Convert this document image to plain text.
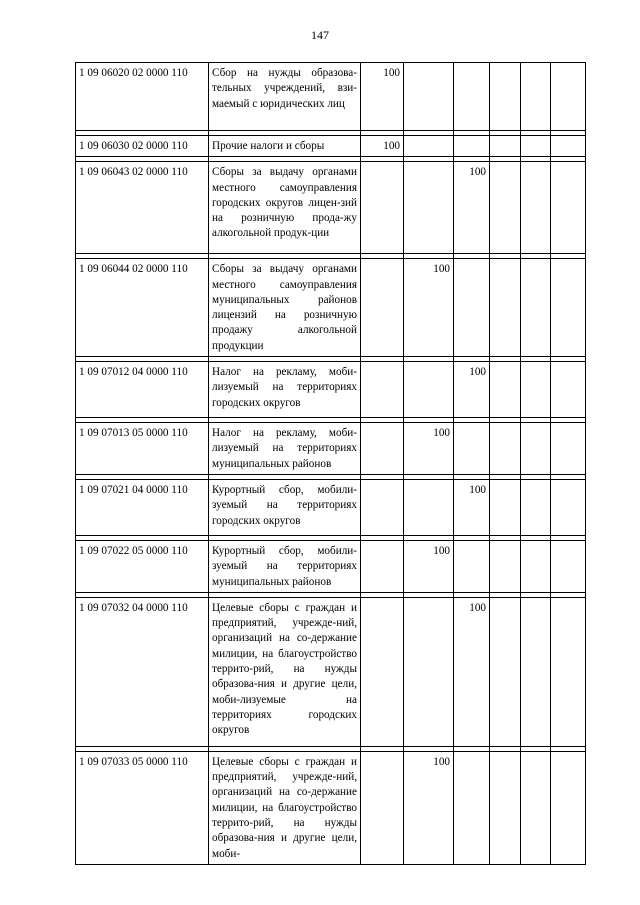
147
1 09 06020 02 0000 110	Сбор на нужды образова-тельных учреждений, взи-маемый с юридических лиц	100					

1 09 06030 02 0000 110	Прочие налоги и сборы	100					

1 09 06043 02 0000 110	Сборы за выдачу органами местного самоуправления городских округов лицен-зий на розничную прода-жу алкогольной продук-ции			100			

1 09 06044 02 0000 110	Сборы за выдачу органами местного самоуправления муниципальных районов лицензий на розничную продажу алкогольной продукции		100				

1 09 07012 04 0000 110	Налог на рекламу, моби-лизуемый на территориях городских округов			100			

1 09 07013 05 0000 110	Налог на рекламу, моби-лизуемый на территориях муниципальных районов		100				

1 09 07021 04 0000 110	Курортный сбор, мобили-зуемый на территориях городских округов			100			

1 09 07022 05 0000 110	Курортный сбор, мобили-зуемый на территориях муниципальных районов		100				

1 09 07032 04 0000 110	Целевые сборы с граждан и предприятий, учрежде-ний, организаций на со-держание милиции, на благоустройство террито-рий, на нужды образова-ния и другие цели, моби-лизуемые на территориях городских округов			100			

1 09 07033 05 0000 110	Целевые сборы с граждан и предприятий, учрежде-ний, организаций на со-держание милиции, на благоустройство террито-рий, на нужды образова-ния и другие цели, моби-		100				
